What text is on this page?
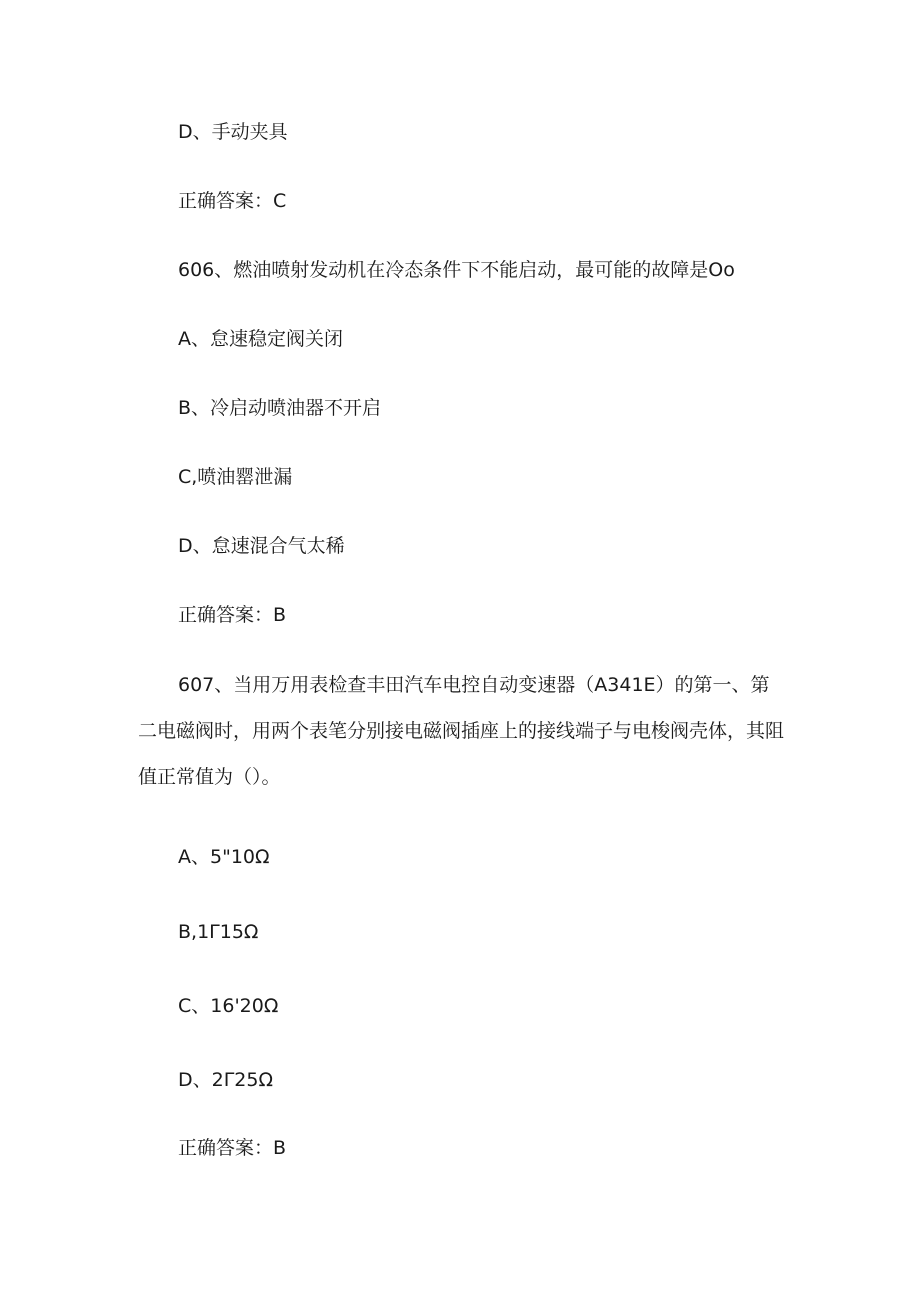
D、手动夹具
正确答案：C
606、燃油喷射发动机在冷态条件下不能启动，最可能的故障是Oo
A、怠速稳定阀关闭
B、冷启动喷油器不开启
C,喷油罂泄漏
D、怠速混合气太稀
正确答案：B
607、当用万用表检查丰田汽车电控自动变速器（A341E）的第一、第二电磁阀时，用两个表笔分别接电磁阀插座上的接线端子与电梭阀壳体，其阻值正常值为（）。
A、5"10Ω
B,1Γ15Ω
C、16'20Ω
D、2Γ25Ω
正确答案：B
